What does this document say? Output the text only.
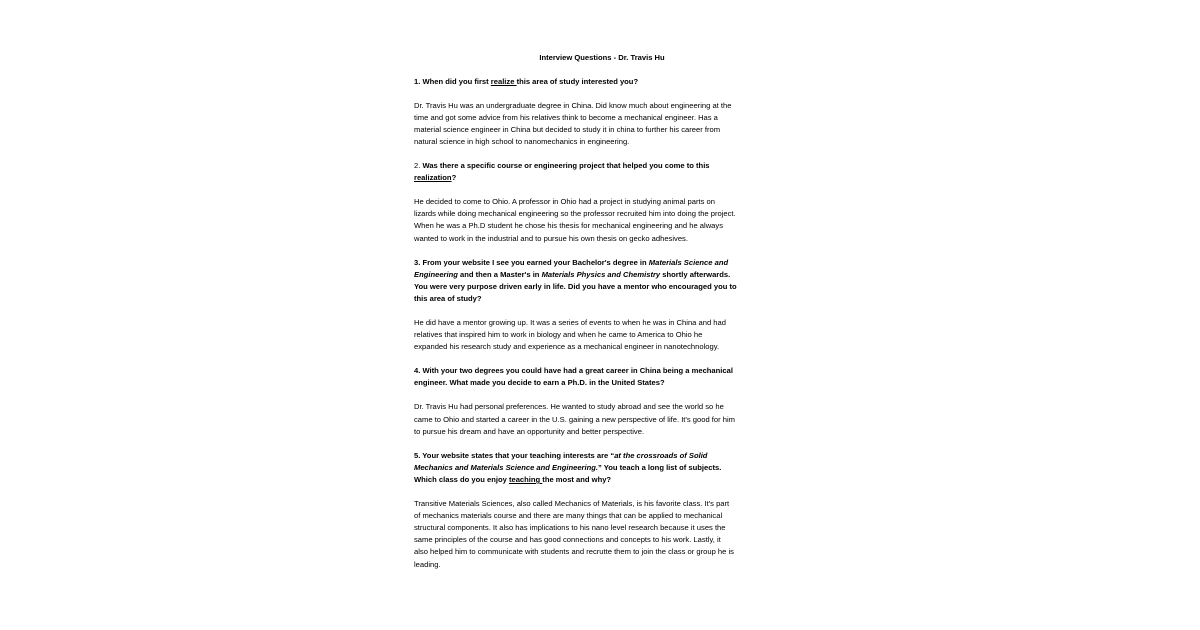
Interview Questions - Dr. Travis Hu

1. When did you first realize this area of study interested you?

Dr. Travis Hu was an undergraduate degree in China. Did know much about engineering at the
time and got some advice from his relatives think to become a mechanical engineer. Has a
material science engineer in China but decided to study it in china to further his career from
natural science in high school to nanomechanics in engineering.

2. Was there a specific course or engineering project that helped you come to this
realization?

He decided to come to Ohio. A professor in Ohio had a project in studying animal parts on
lizards while doing mechanical engineering so the professor recruited him into doing the project.
When he was a Ph.D student he chose his thesis for mechanical engineering and he always
wanted to work in the industrial and to pursue his own thesis on gecko adhesives.

3. From your website I see you earned your Bachelor's degree in Materials Science and
Engineering and then a Master's in Materials Physics and Chemistry shortly afterwards.
You were very purpose driven early in life. Did you have a mentor who encouraged you to
this area of study?

He did have a mentor growing up. It was a series of events to when he was in China and had
relatives that inspired him to work in biology and when he came to America to Ohio he
expanded his research study and experience as a mechanical engineer in nanotechnology.

4. With your two degrees you could have had a great career in China being a mechanical
engineer. What made you decide to earn a Ph.D. in the United States?

Dr. Travis Hu had personal preferences. He wanted to study abroad and see the world so he
came to Ohio and started a career in the U.S. gaining a new perspective of life. It's good for him
to pursue his dream and have an opportunity and better perspective.

5. Your website states that your teaching interests are “at the crossroads of Solid
Mechanics and Materials Science and Engineering.” You teach a long list of subjects.
Which class do you enjoy teaching the most and why?

Transitive Materials Sciences, also called Mechanics of Materials, is his favorite class. It's part
of mechanics materials course and there are many things that can be applied to mechanical
structural components. It also has implications to his nano level research because it uses the
same principles of the course and has good connections and concepts to his work. Lastly, it
also helped him to communicate with students and recrutte them to join the class or group he is
leading.
